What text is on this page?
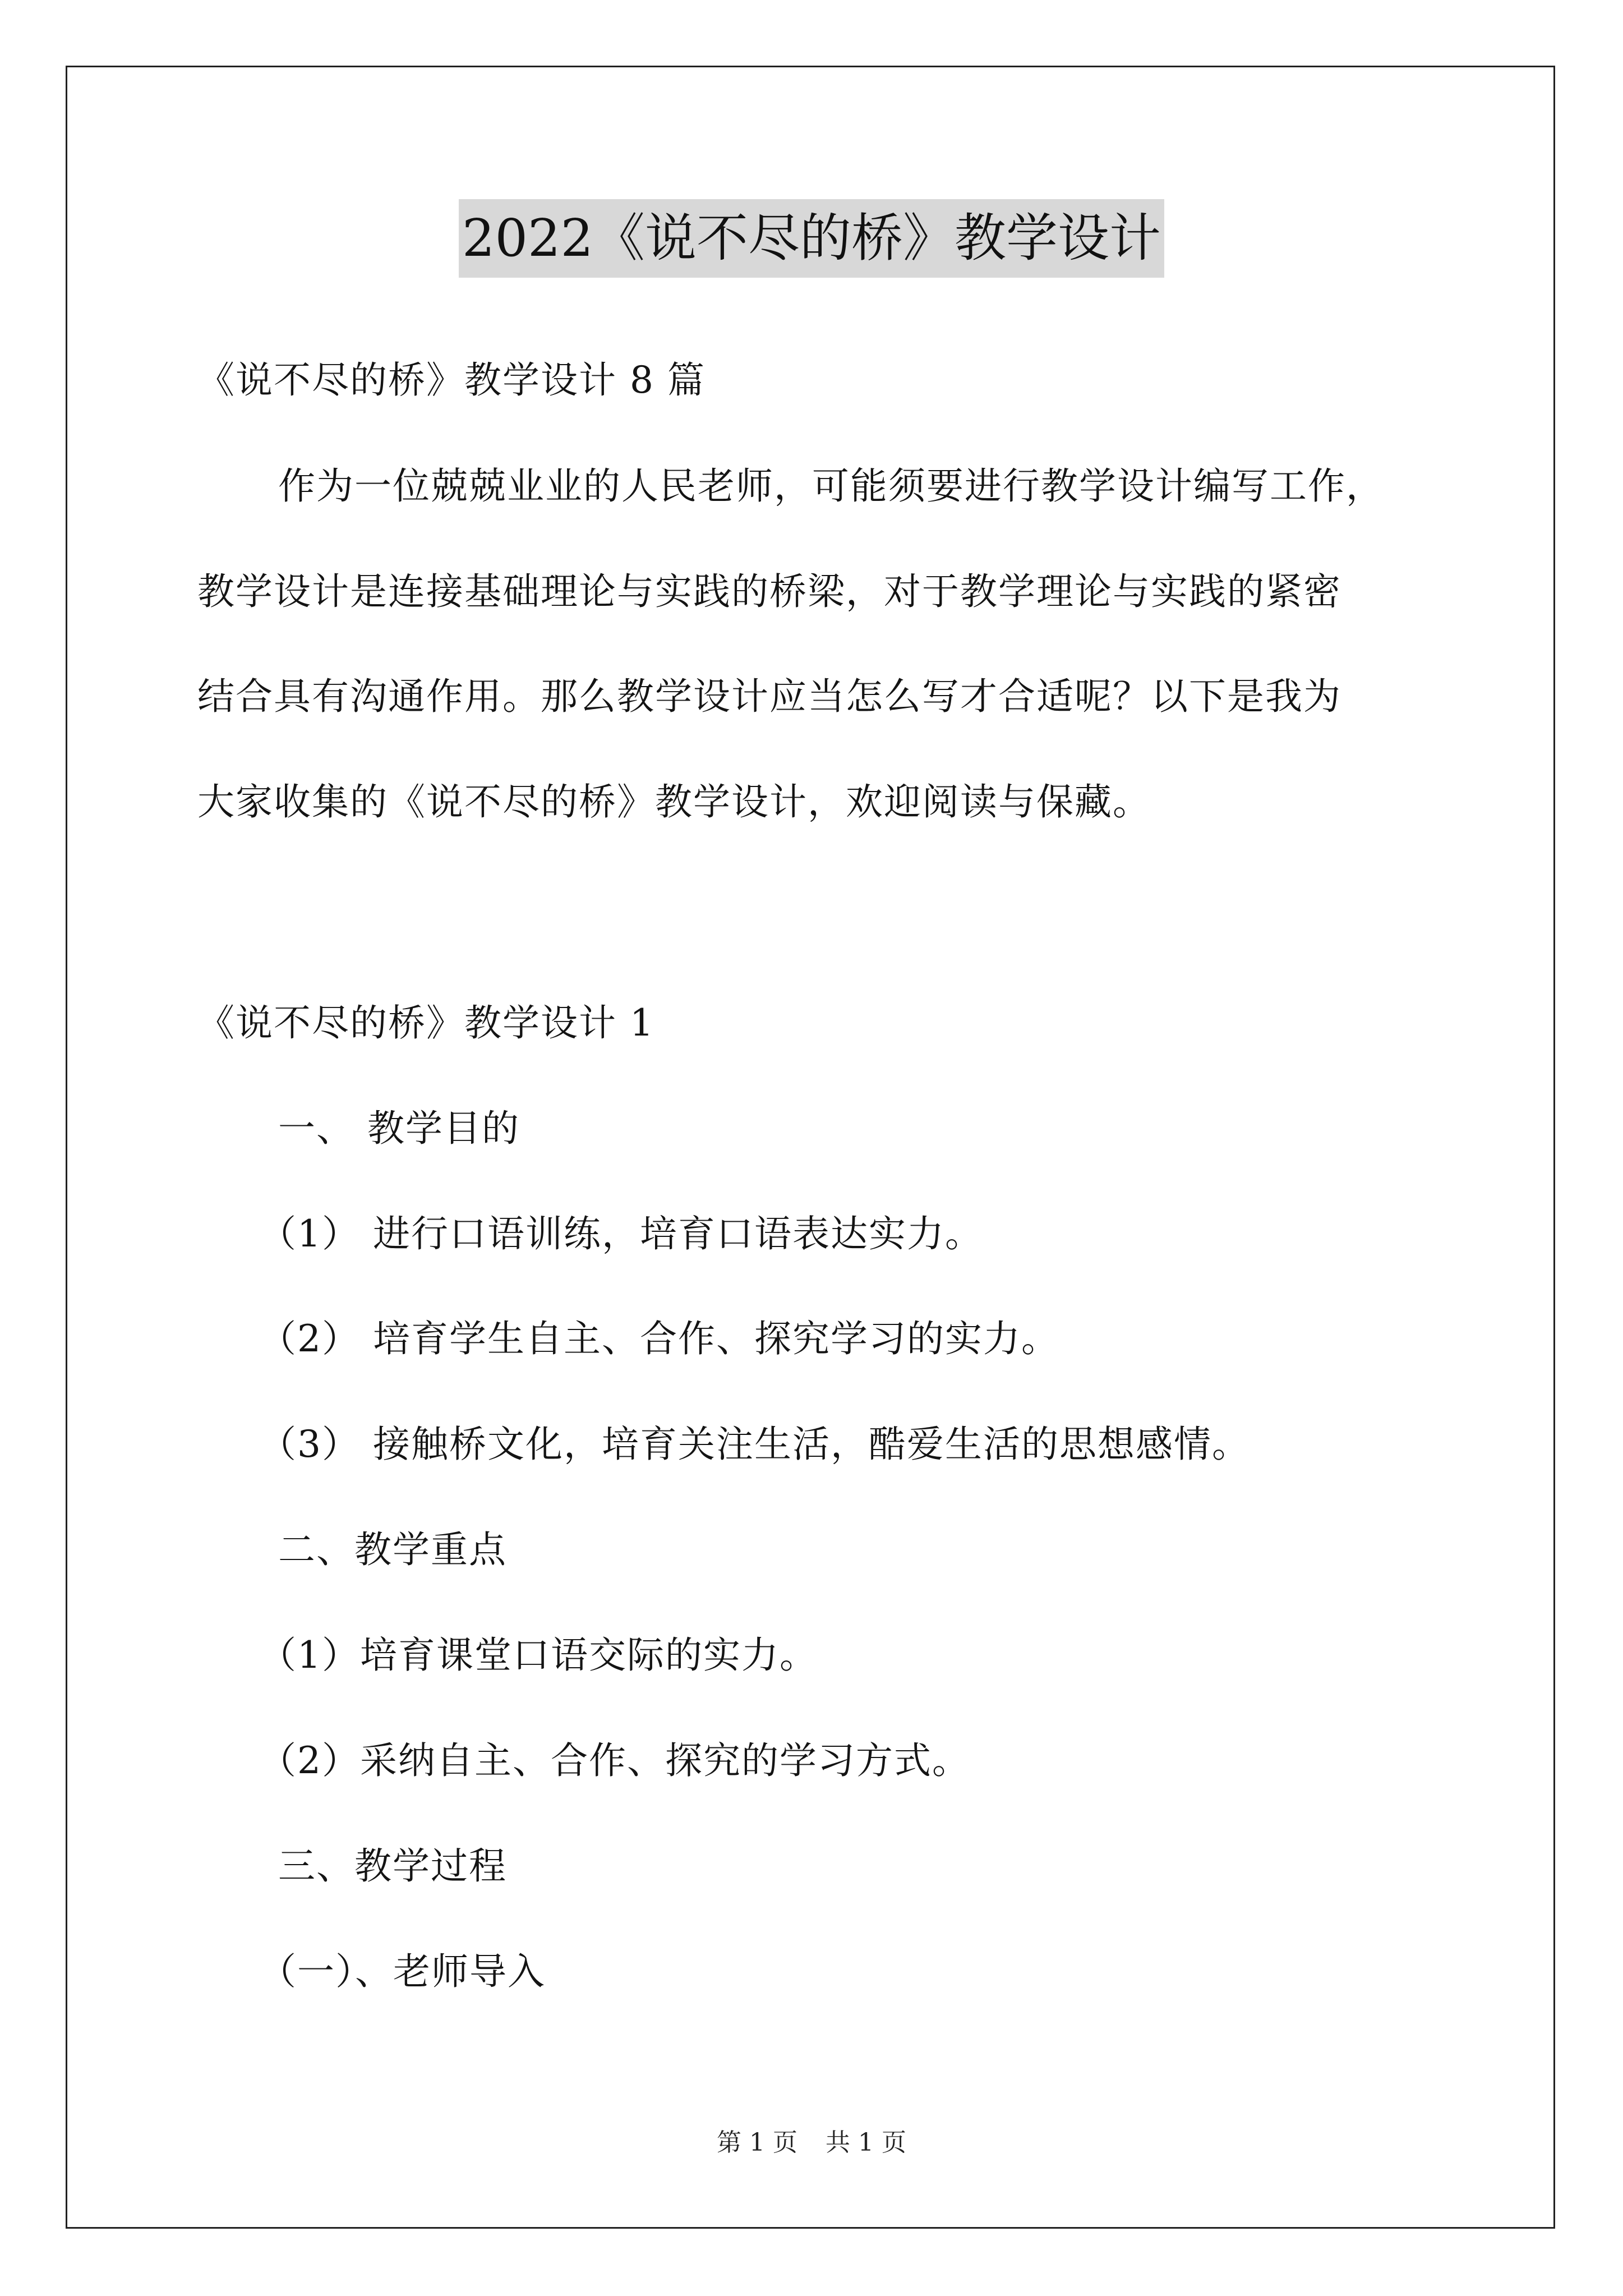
2022《说不尽的桥》教学设计
《说不尽的桥》教学设计 8 篇
作为一位兢兢业业的人民老师，可能须要进行教学设计编写工作，
教学设计是连接基础理论与实践的桥梁，对于教学理论与实践的紧密
结合具有沟通作用。那么教学设计应当怎么写才合适呢？以下是我为
大家收集的《说不尽的桥》教学设计，欢迎阅读与保藏。
《说不尽的桥》教学设计 1
一、 教学目的
（1） 进行口语训练，培育口语表达实力。
（2） 培育学生自主、合作、探究学习的实力。
（3） 接触桥文化，培育关注生活，酷爱生活的思想感情。
二、教学重点
（1）培育课堂口语交际的实力。
（2）采纳自主、合作、探究的学习方式。
三、教学过程
（一）、老师导入
第 1 页 共 1 页
